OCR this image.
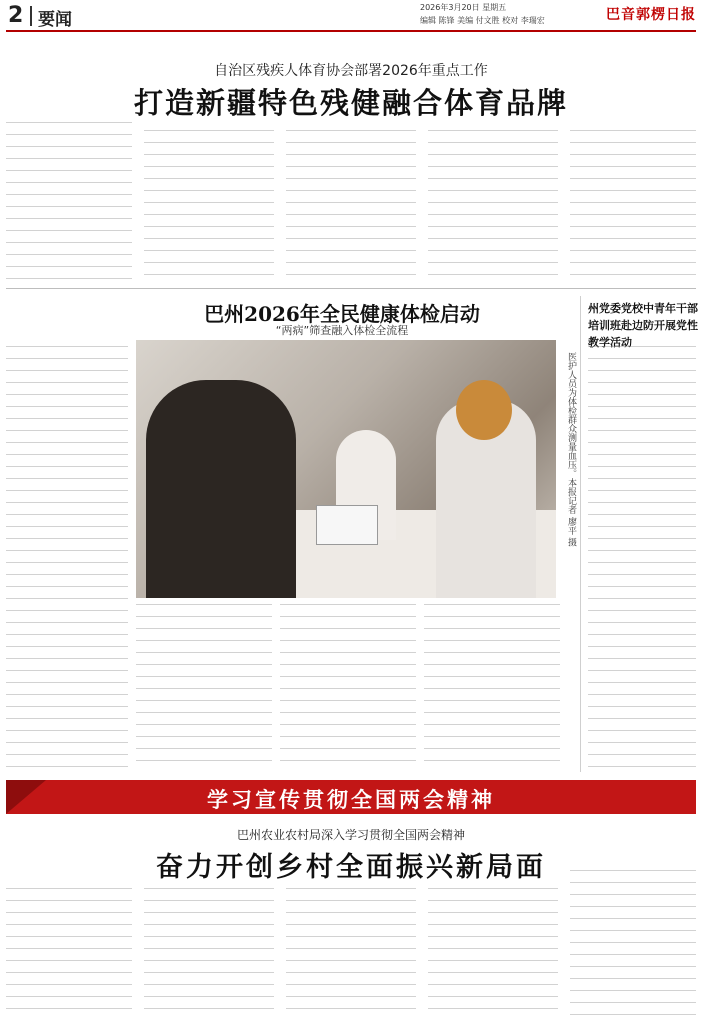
2 要闻
2026年3月20日 星期五
编辑 陈锋 美编 付文胜 校对 李瑞宏	巴音郭楞日报
自治区残疾人体育协会部署2026年重点工作
打造新疆特色残健融合体育品牌
巴州2026年全民健康体检启动
“两病”筛查融入体检全流程
医护人员为体检群众测量血压。本报记者 廖平 摄
州党委党校中青年干部培训班赴边防开展党性教学活动
学习宣传贯彻全国两会精神
巴州农业农村局深入学习贯彻全国两会精神
奋力开创乡村全面振兴新局面
